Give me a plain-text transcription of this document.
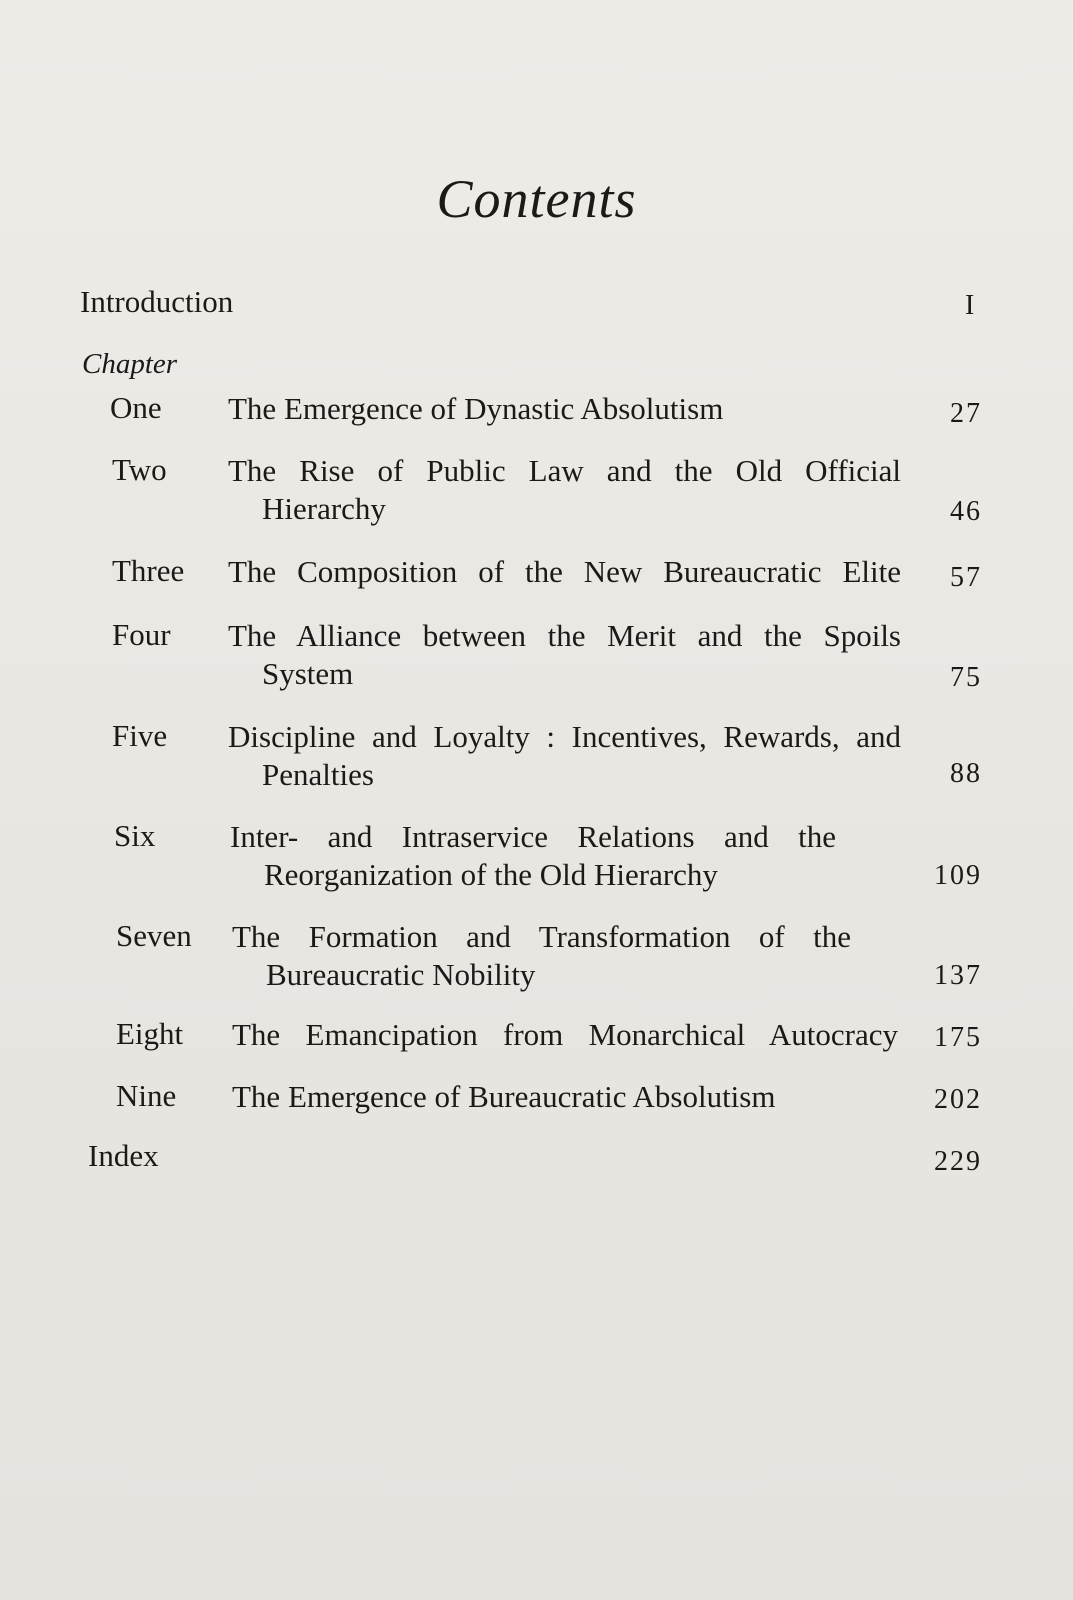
Contents
Introduction	I
Chapter
One The Emergence of Dynastic Absolutism	27
Two The Rise of Public Law and the Old Official
Hierarchy	46
Three The Composition of the New Bureaucratic Elite 57
Four The Alliance between the Merit and the Spoils
System	75
Five Discipline and Loyalty : Incentives, Rewards, and
Penalties	88
Six Inter- and Intraservice Relations and the
Reorganization of the Old Hierarchy	109
Seven The Formation and Transformation of the
Bureaucratic Nobility	137
Eight The Emancipation from Monarchical Autocracy 175
Nine The Emergence of Bureaucratic Absolutism	202
Index	229
